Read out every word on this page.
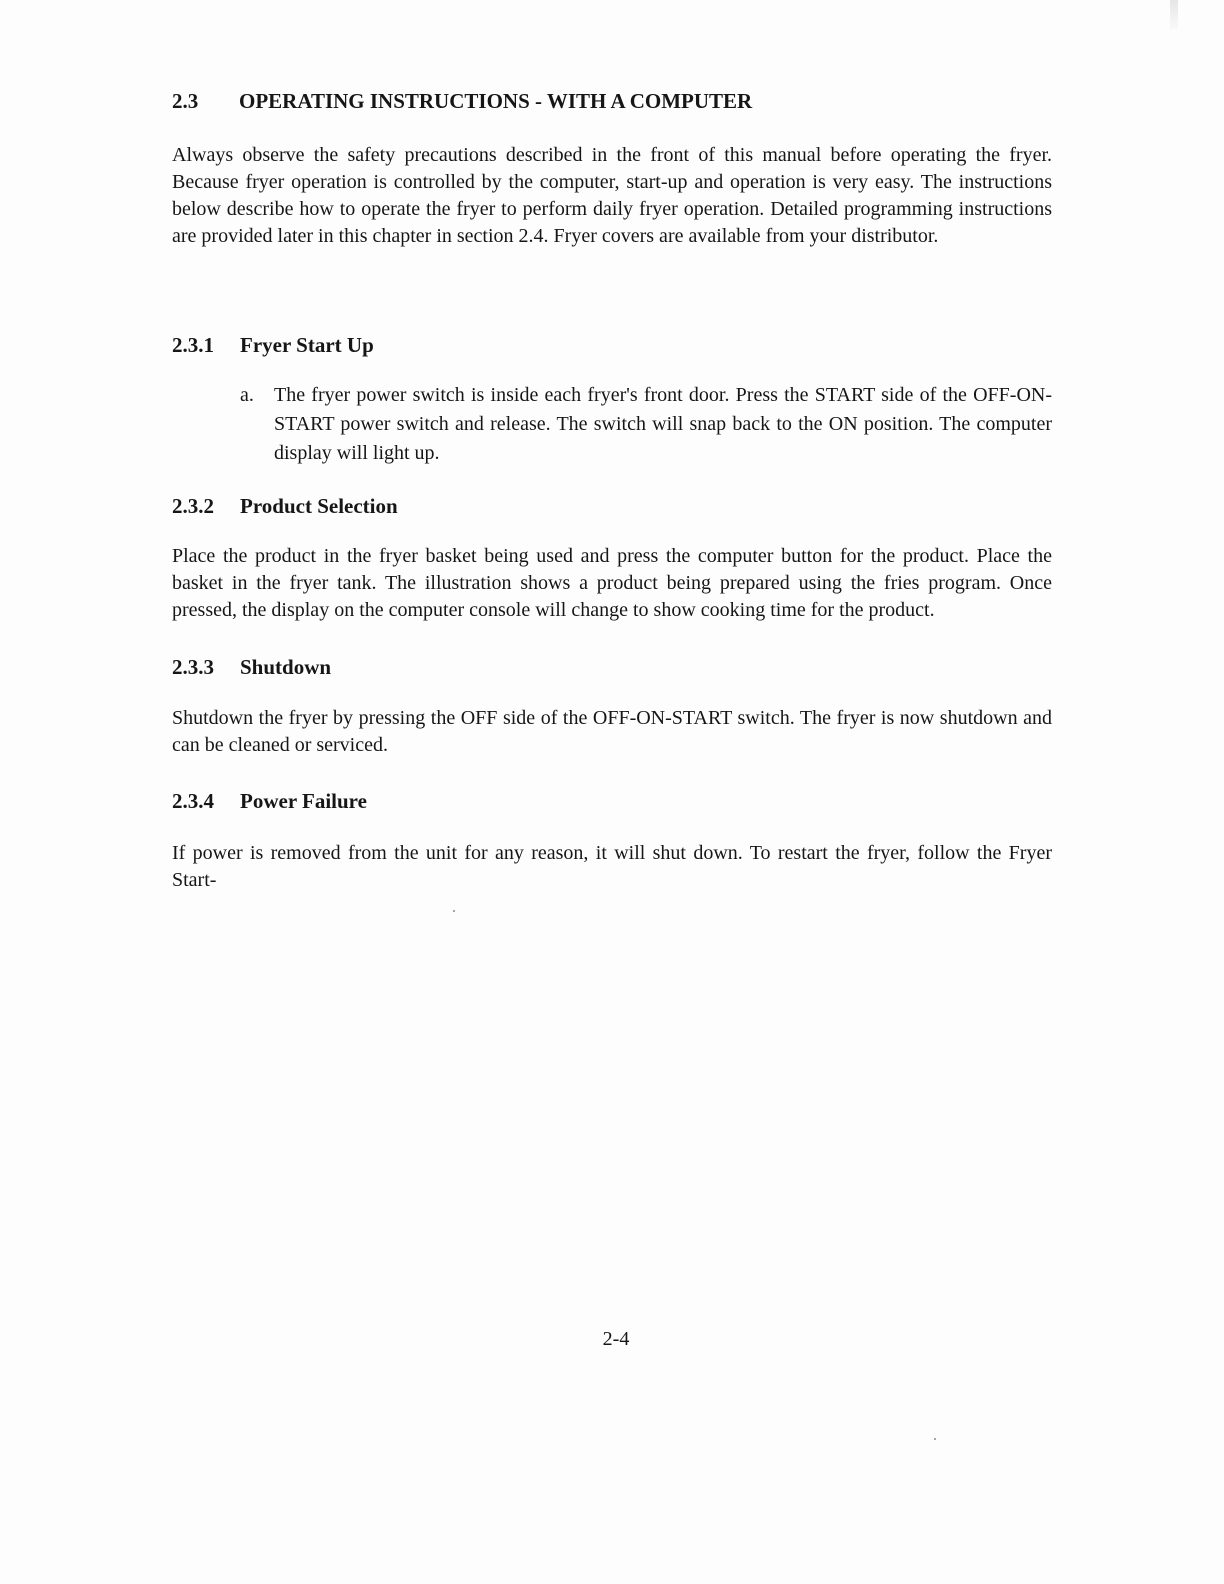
2.3 OPERATING INSTRUCTIONS - WITH A COMPUTER
Always observe the safety precautions described in the front of this manual before operating the fryer. Because fryer operation is controlled by the computer, start-up and operation is very easy. The instructions below describe how to operate the fryer to perform daily fryer operation. Detailed programming instructions are provided later in this chapter in section 2.4. Fryer covers are available from your distributor.
2.3.1 Fryer Start Up
a. The fryer power switch is inside each fryer's front door. Press the START side of the OFF-ON-START power switch and release. The switch will snap back to the ON position. The computer display will light up.
2.3.2 Product Selection
Place the product in the fryer basket being used and press the computer button for the product. Place the basket in the fryer tank. The illustration shows a product being prepared using the fries program. Once pressed, the display on the computer console will change to show cooking time for the product.
2.3.3 Shutdown
Shutdown the fryer by pressing the OFF side of the OFF-ON-START switch. The fryer is now shutdown and can be cleaned or serviced.
2.3.4 Power Failure
If power is removed from the unit for any reason, it will shut down. To restart the fryer, follow the Fryer Start-
2-4
